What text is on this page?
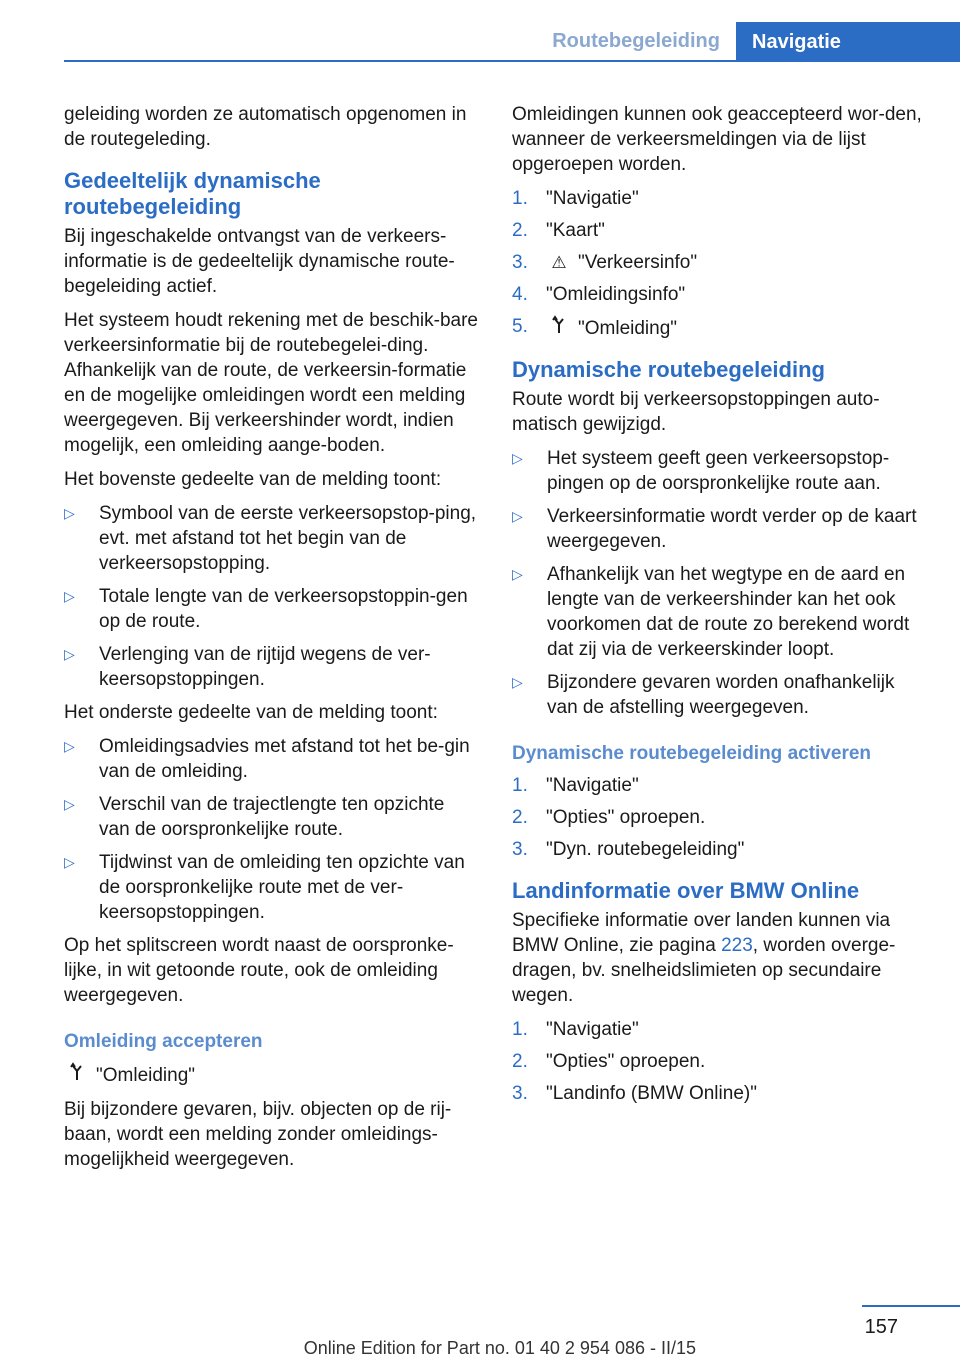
Routebegeleiding	Navigatie

geleiding worden ze automatisch opgenomen in de routegeleding.

Gedeeltelijk dynamische routebegeleiding

Bij ingeschakelde ontvangst van de verkeers-informatie is de gedeeltelijk dynamische route-begeleiding actief.

Het systeem houdt rekening met de beschik-bare verkeersinformatie bij de routebegelei-ding. Afhankelijk van de route, de verkeersin-formatie en de mogelijke omleidingen wordt een melding weergegeven. Bij verkeershinder wordt, indien mogelijk, een omleiding aange-boden.

Het bovenste gedeelte van de melding toont:

▷ Symbool van de eerste verkeersopstop-ping, evt. met afstand tot het begin van de verkeersopstopping.
▷ Totale lengte van de verkeersopstoppin-gen op de route.
▷ Verlenging van de rijtijd wegens de ver-keersopstoppingen.

Het onderste gedeelte van de melding toont:

▷ Omleidingsadvies met afstand tot het be-gin van de omleiding.
▷ Verschil van de trajectlengte ten opzichte van de oorspronkelijke route.
▷ Tijdwinst van de omleiding ten opzichte van de oorspronkelijke route met de ver-keersopstoppingen.

Op het splitscreen wordt naast de oorspronke-lijke, in wit getoonde route, ook de omleiding weergegeven.

Omleiding accepteren

"Omleiding"

Bij bijzondere gevaren, bijv. objecten op de rij-baan, wordt een melding zonder omleidings-mogelijkheid weergegeven.

Omleidingen kunnen ook geaccepteerd wor-den, wanneer de verkeersmeldingen via de lijst opgeroepen worden.

1. "Navigatie"
2. "Kaart"
3. ⚠ "Verkeersinfo"
4. "Omleidingsinfo"
5.	"Omleiding"
Dynamische routebegeleiding

Route wordt bij verkeersopstoppingen auto-matisch gewijzigd.

▷ Het systeem geeft geen verkeersopstop-pingen op de oorspronkelijke route aan.
▷ Verkeersinformatie wordt verder op de kaart weergegeven.
▷ Afhankelijk van het wegtype en de aard en lengte van de verkeershinder kan het ook voorkomen dat de route zo berekend wordt dat zij via de verkeerskinder loopt.
▷ Bijzondere gevaren worden onafhankelijk van de afstelling weergegeven.
Dynamische routebegeleiding activeren
1. "Navigatie"
2. "Opties" oproepen.
3. "Dyn. routebegeleiding"
Landinformatie over BMW Online

Specifieke informatie over landen kunnen via BMW Online, zie pagina 223, worden overge-dragen, bv. snelheidslimieten op secundaire wegen.

1. "Navigatie"
2. "Opties" oproepen.
3. "Landinfo (BMW Online)"
157
Online Edition for Part no. 01 40 2 954 086 - II/15
